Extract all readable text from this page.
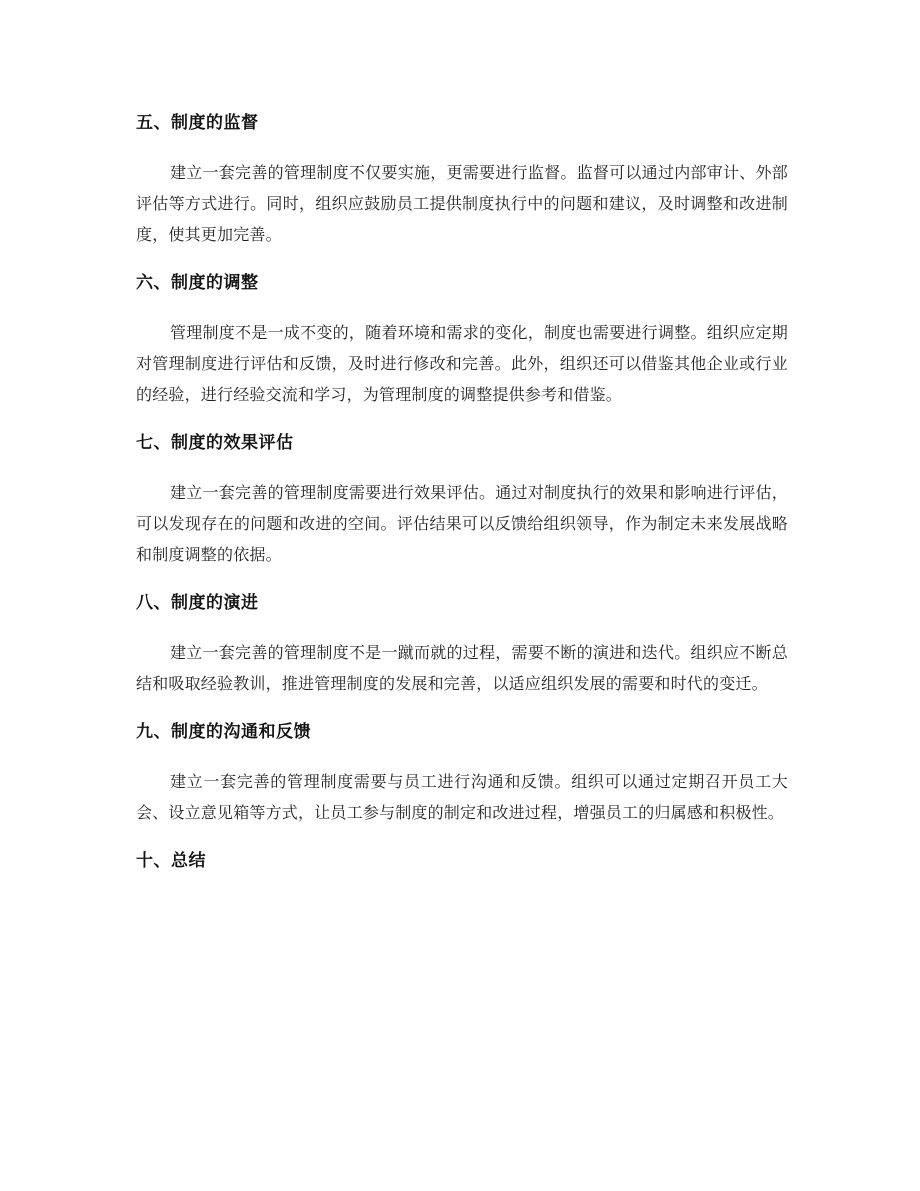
五、制度的监督

建立一套完善的管理制度不仅要实施，更需要进行监督。监督可以通过内部审计、外部评估等方式进行。同时，组织应鼓励员工提供制度执行中的问题和建议，及时调整和改进制度，使其更加完善。

六、制度的调整

管理制度不是一成不变的，随着环境和需求的变化，制度也需要进行调整。组织应定期对管理制度进行评估和反馈，及时进行修改和完善。此外，组织还可以借鉴其他企业或行业的经验，进行经验交流和学习，为管理制度的调整提供参考和借鉴。

七、制度的效果评估

建立一套完善的管理制度需要进行效果评估。通过对制度执行的效果和影响进行评估，可以发现存在的问题和改进的空间。评估结果可以反馈给组织领导，作为制定未来发展战略和制度调整的依据。

八、制度的演进

建立一套完善的管理制度不是一蹴而就的过程，需要不断的演进和迭代。组织应不断总结和吸取经验教训，推进管理制度的发展和完善，以适应组织发展的需要和时代的变迁。

九、制度的沟通和反馈

建立一套完善的管理制度需要与员工进行沟通和反馈。组织可以通过定期召开员工大会、设立意见箱等方式，让员工参与制度的制定和改进过程，增强员工的归属感和积极性。

十、总结
